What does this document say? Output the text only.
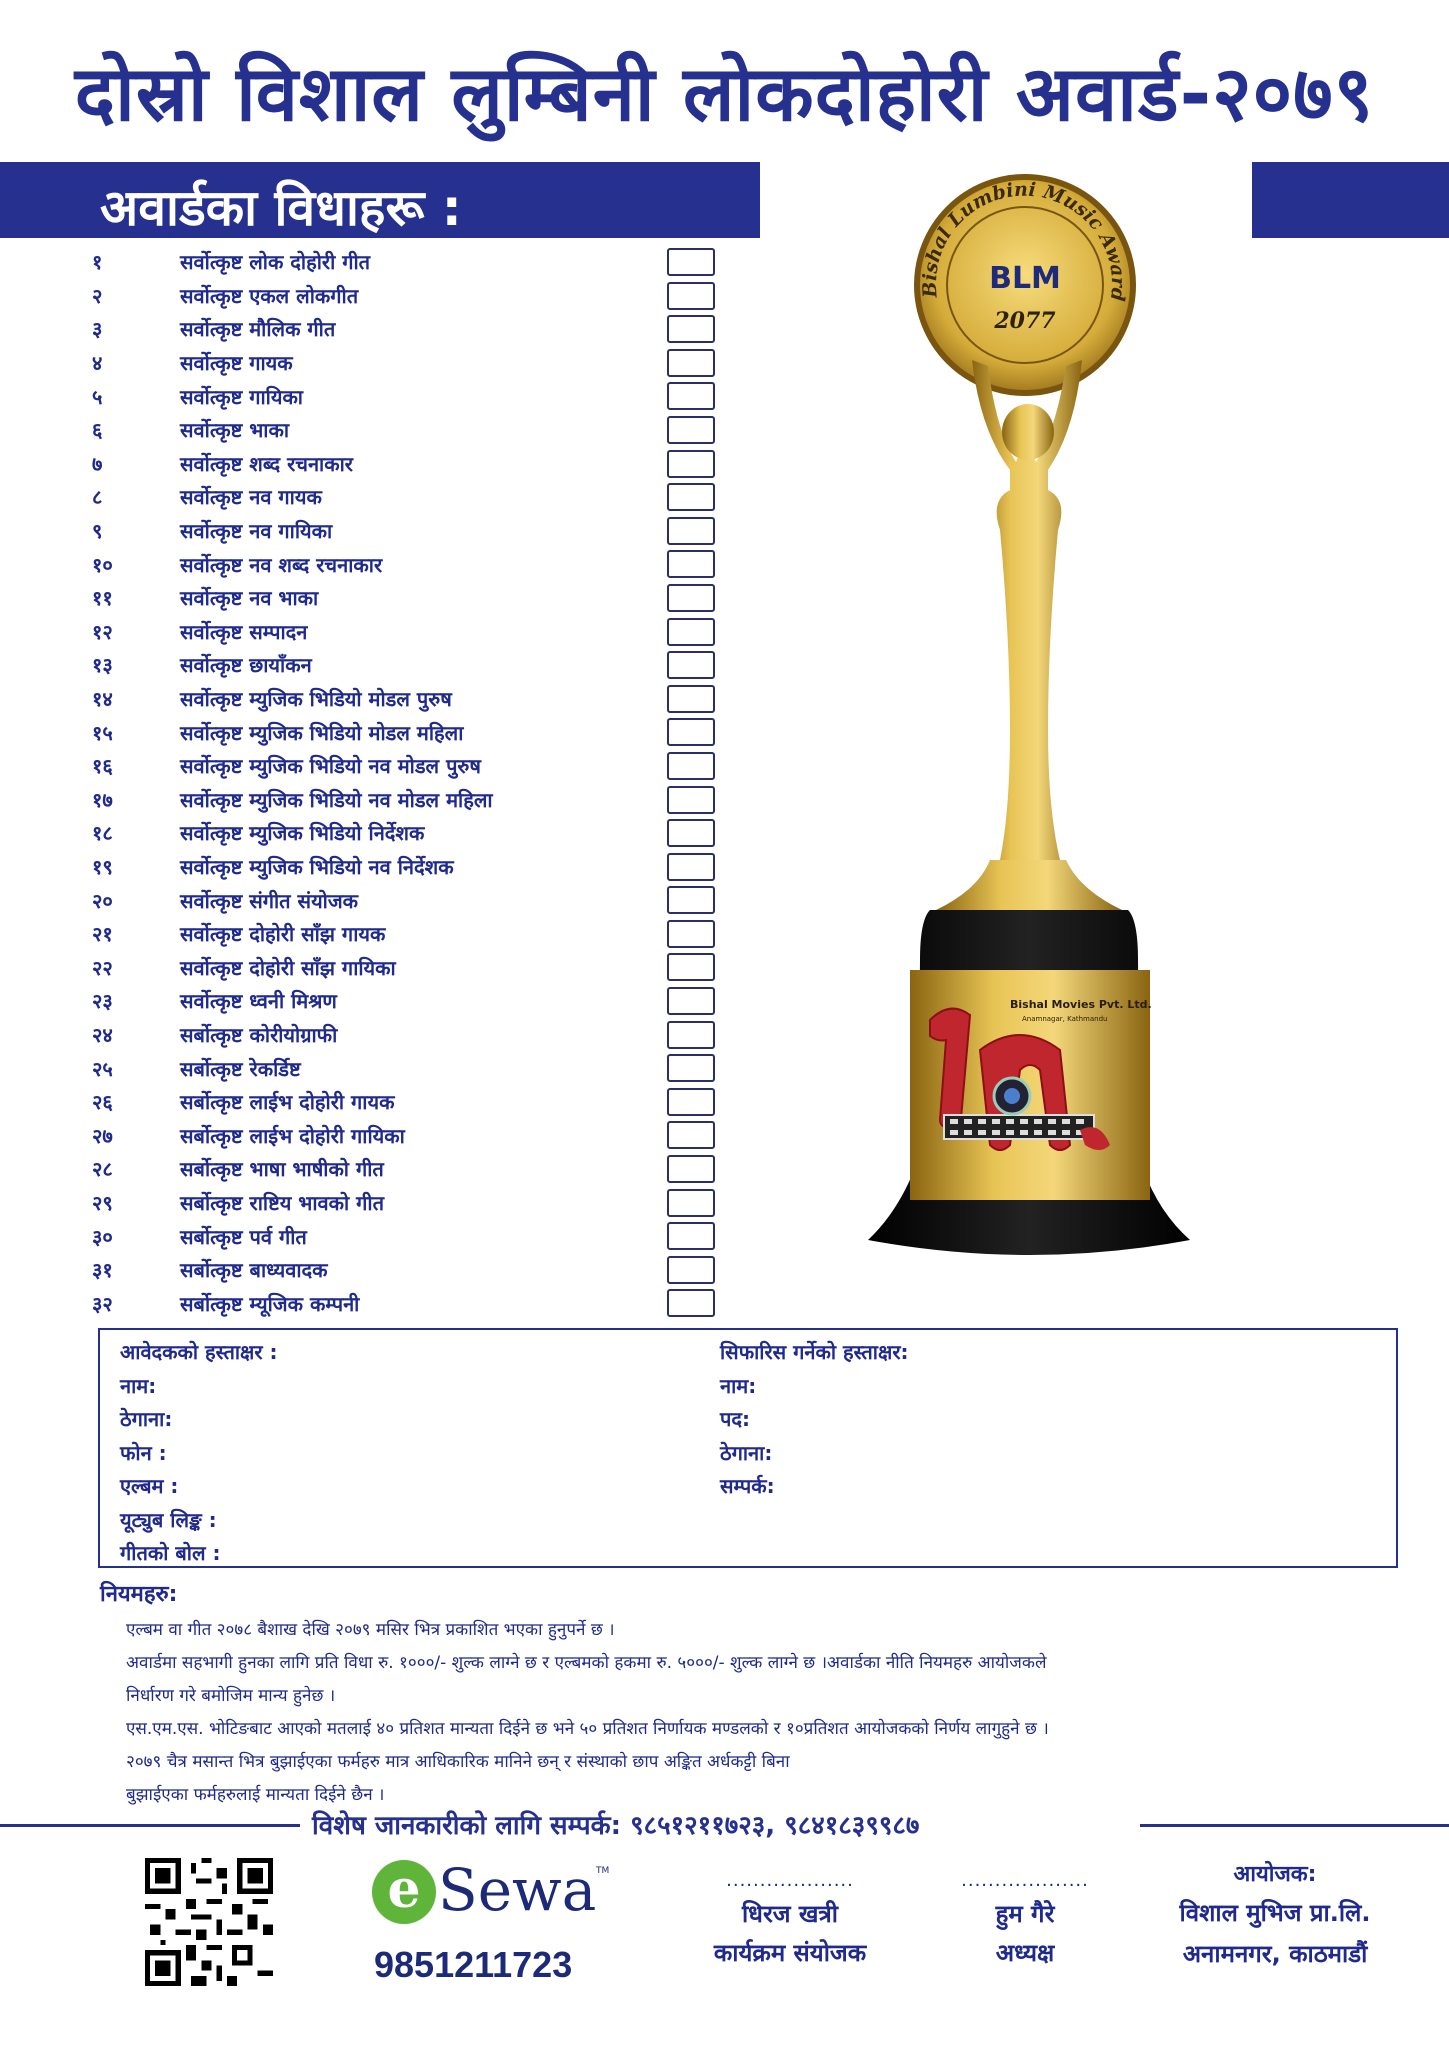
दोस्रो विशाल लुम्बिनी लोकदोहोरी अवार्ड-२०७९
अवार्डका विधाहरू :
१	सर्वोत्कृष्ट लोक दोहोरी गीत
२	सर्वोत्कृष्ट एकल लोकगीत
३	सर्वोत्कृष्ट मौलिक गीत
४	सर्वोत्कृष्ट गायक
५	सर्वोत्कृष्ट गायिका
६	सर्वोत्कृष्ट भाका
७	सर्वोत्कृष्ट शब्द रचनाकार
८	सर्वोत्कृष्ट नव गायक
९	सर्वोत्कृष्ट नव गायिका
१०	सर्वोत्कृष्ट नव शब्द रचनाकार
११	सर्वोत्कृष्ट नव भाका
१२	सर्वोत्कृष्ट सम्पादन
१३	सर्वोत्कृष्ट छायाँकन
१४	सर्वोत्कृष्ट म्युजिक भिडियो मोडल पुरुष
१५	सर्वोत्कृष्ट म्युजिक भिडियो मोडल महिला
१६	सर्वोत्कृष्ट म्युजिक भिडियो नव मोडल पुरुष
१७	सर्वोत्कृष्ट म्युजिक भिडियो नव मोडल महिला
१८	सर्वोत्कृष्ट म्युजिक भिडियो निर्देशक
१९	सर्वोत्कृष्ट म्युजिक भिडियो नव निर्देशक
२०	सर्वोत्कृष्ट संगीत संयोजक
२१	सर्वोत्कृष्ट दोहोरी साँझ गायक
२२	सर्वोत्कृष्ट दोहोरी साँझ गायिका
२३	सर्वोत्कृष्ट ध्वनी मिश्रण
२४	सर्बोत्कृष्ट कोरीयोग्राफी
२५	सर्बोत्कृष्ट रेकर्डिष्ट
२६	सर्बोत्कृष्ट लाईभ दोहोरी गायक
२७	सर्बोत्कृष्ट लाईभ दोहोरी गायिका
२८	सर्बोत्कृष्ट भाषा भाषीको गीत
२९	सर्बोत्कृष्ट राष्टिय भावको गीत
३०	सर्बोत्कृष्ट पर्व गीत
३१	सर्बोत्कृष्ट बाध्यवादक
३२	सर्बोत्कृष्ट म्यूजिक कम्पनी
Bishal Lumbini Music Award
BLM
2077
Bishal Movies Pvt. Ltd.
Anamnagar, Kathmandu
आवेदकको हस्ताक्षर :
नाम:
ठेगाना:
फोन :
एल्बम :
यूट्युब लिङ्क :
गीतको बोल :
सिफारिस गर्नेको हस्ताक्षर:
नाम:
पद:
ठेगाना:
सम्पर्क:
नियमहरु:
एल्बम वा गीत २०७८ बैशाख देखि २०७९ मसिर भित्र प्रकाशित भएका हुनुपर्ने छ ।
अवार्डमा सहभागी हुनका लागि प्रति विधा रु. १०००/- शुल्क लाग्ने छ र एल्बमको हकमा रु. ५०००/- शुल्क लाग्ने छ ।अवार्डका नीति नियमहरु आयोजकले
निर्धारण गरे बमोजिम मान्य हुनेछ ।
एस.एम.एस. भोटिङबाट आएको मतलाई ४० प्रतिशत मान्यता दिईने छ भने ५० प्रतिशत निर्णायक मण्डलको र १०प्रतिशत आयोजकको निर्णय लागुहुने छ ।
२०७९ चैत्र मसान्त भित्र बुझाईएका फर्महरु मात्र आधिकारिक मानिने छन् र संस्थाको छाप अङ्कित अर्धकट्टी बिना
बुझाईएका फर्महरुलाई मान्यता दिईने छैन ।
विशेष जानकारीको लागि सम्पर्क: ९८५१२११७२३, ९८४१८३९९८७
e Sewa TM
9851211723
...................
धिरज खत्री
कार्यक्रम संयोजक
...................
हुम गैरे
अध्यक्ष
आयोजक:
विशाल मुभिज प्रा.लि.
अनामनगर, काठमाडौं
